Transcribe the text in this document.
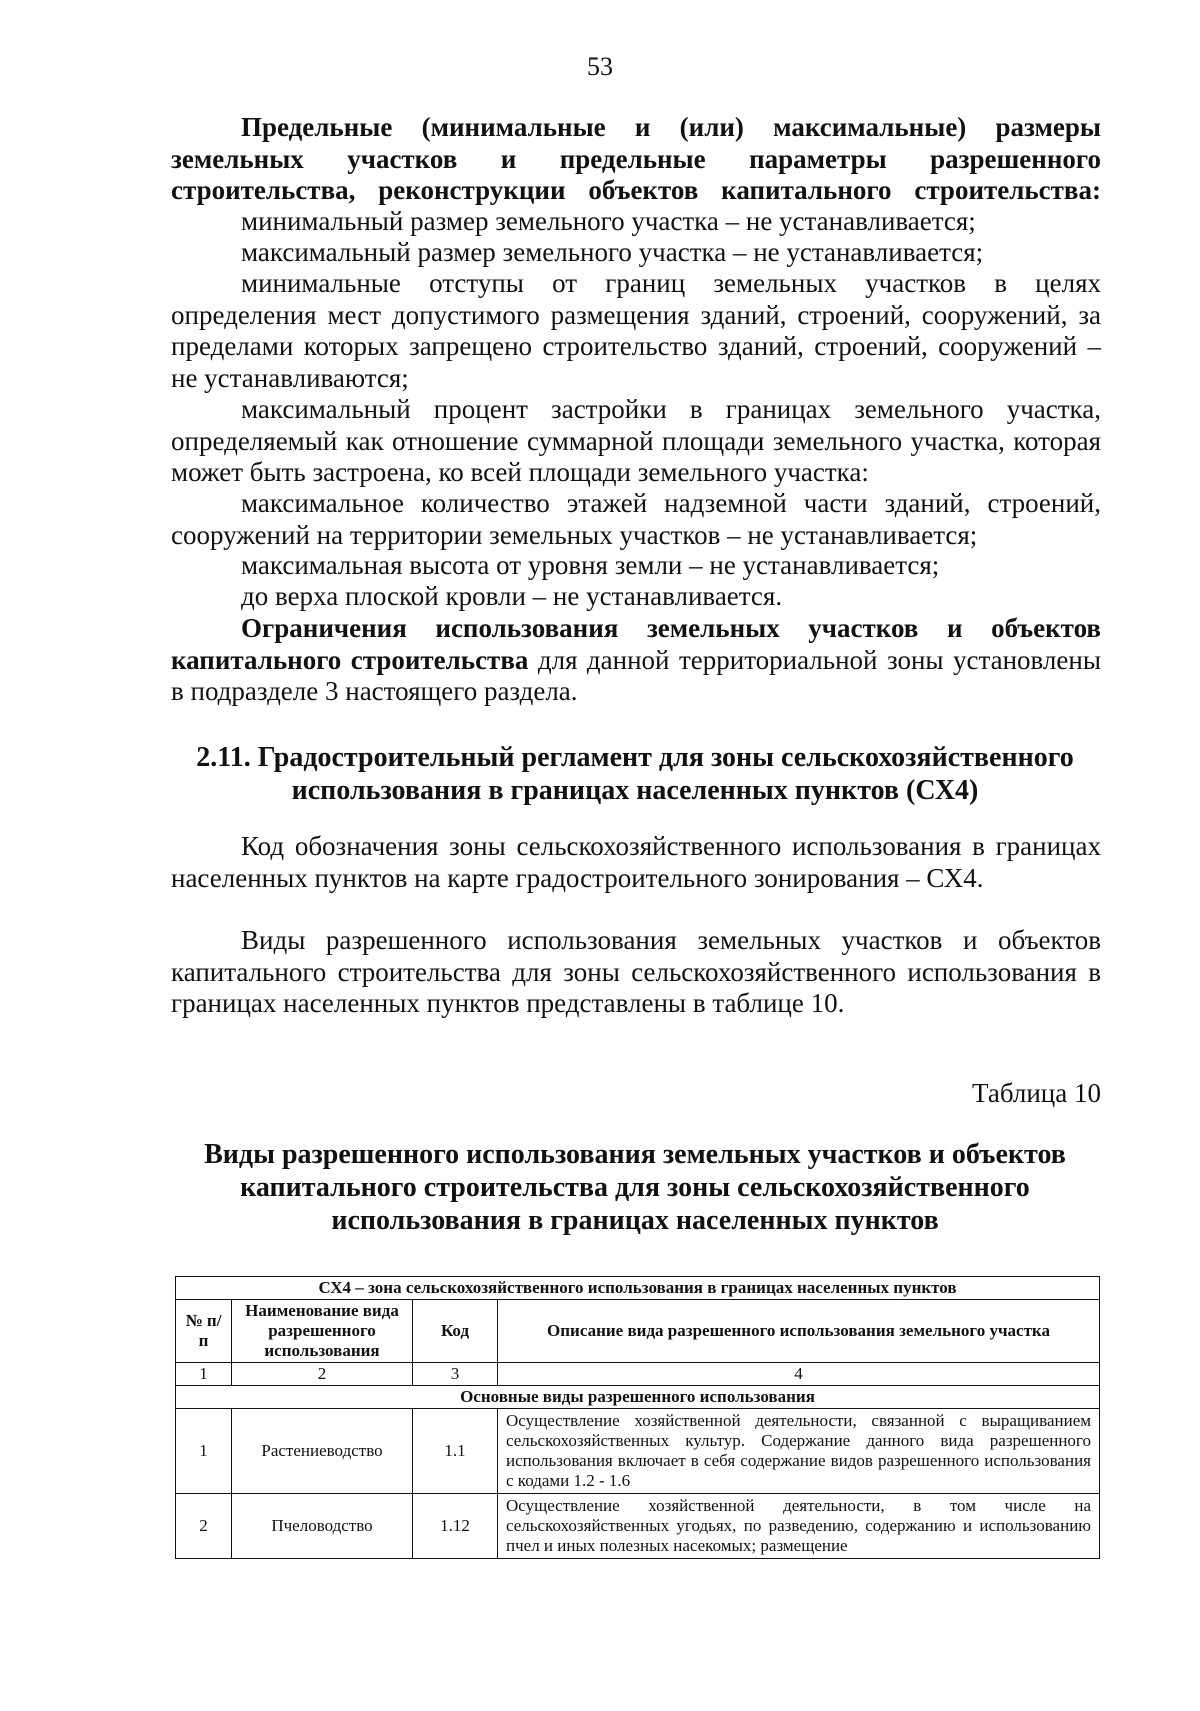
53

Предельные (минимальные и (или) максимальные) размеры земельных участков и предельные параметры разрешенного строительства, реконструкции объектов капитального строительства:

минимальный размер земельного участка – не устанавливается;

максимальный размер земельного участка – не устанавливается;

минимальные отступы от границ земельных участков в целях определения мест допустимого размещения зданий, строений, сооружений, за пределами которых запрещено строительство зданий, строений, сооружений – не устанавливаются;

максимальный процент застройки в границах земельного участка, определяемый как отношение суммарной площади земельного участка, которая может быть застроена, ко всей площади земельного участка:

максимальное количество этажей надземной части зданий, строений, сооружений на территории земельных участков – не устанавливается;

максимальная высота от уровня земли – не устанавливается;

до верха плоской кровли – не устанавливается.

Ограничения использования земельных участков и объектов капитального строительства для данной территориальной зоны установлены в подразделе 3 настоящего раздела.

2.11. Градостроительный регламент для зоны сельскохозяйственного использования в границах населенных пунктов (СХ4)

Код обозначения зоны сельскохозяйственного использования в границах населенных пунктов на карте градостроительного зонирования – СХ4.

Виды разрешенного использования земельных участков и объектов капитального строительства для зоны сельскохозяйственного использования в границах населенных пунктов представлены в таблице 10.

Таблица 10

Виды разрешенного использования земельных участков и объектов капитального строительства для зоны сельскохозяйственного использования в границах населенных пунктов

СХ4 – зона сельскохозяйственного использования в границах населенных пунктов			
№ п/п	Наименование вида разрешенного использования	Код	Описание вида разрешенного использования земельного участка
1	2	3	4
Основные виды разрешенного использования			
1	Растениеводство	1.1	Осуществление хозяйственной деятельности, связанной с выращиванием сельскохозяйственных культур. Содержание данного вида разрешенного использования включает в себя содержание видов разрешенного использования с кодами 1.2 - 1.6
2	Пчеловодство	1.12	Осуществление хозяйственной деятельности, в том числе на сельскохозяйственных угодьях, по разведению, содержанию и использованию пчел и иных полезных насекомых; размещение
